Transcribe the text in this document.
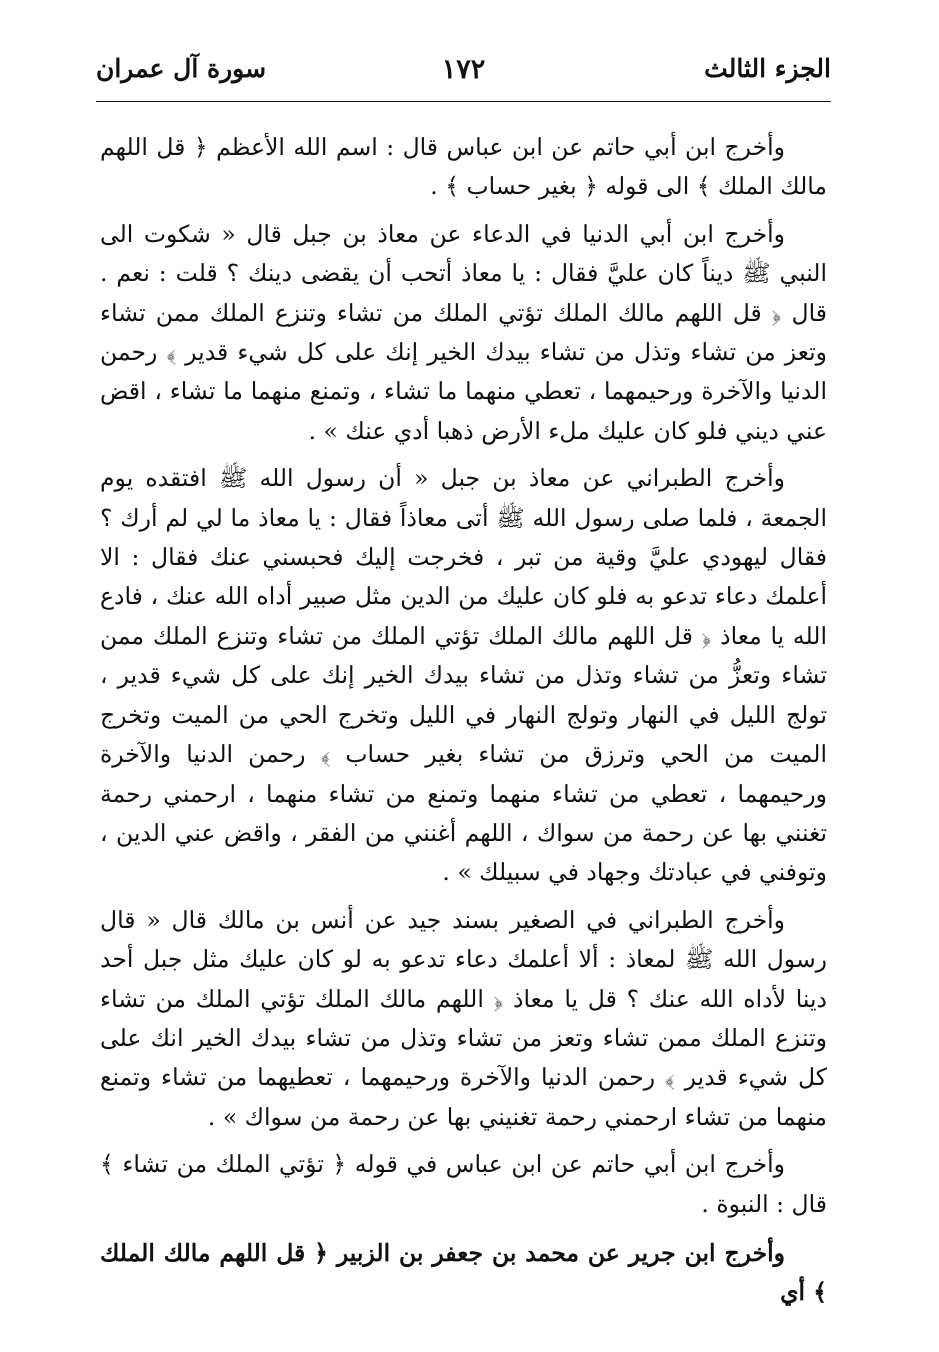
الجزء الثالث
١٧٢
سورة آل عمران

وأخرج ابن أبي حاتم عن ابن عباس قال : اسم الله الأعظم ﴿ قل اللهم مالك الملك ﴾ الى قوله ﴿ بغير حساب ﴾ .

وأخرج ابن أبي الدنيا في الدعاء عن معاذ بن جبل قال « شكوت الى النبي ﷺ ديناً كان عليَّ فقال : يا معاذ أتحب أن يقضى دينك ؟ قلت : نعم . قال ﴿ قل اللهم مالك الملك تؤتي الملك من تشاء وتنزع الملك ممن تشاء وتعز من تشاء وتذل من تشاء بيدك الخير إنك على كل شيء قدير ﴾ رحمن الدنيا والآخرة ورحيمهما ، تعطي منهما ما تشاء ، وتمنع منهما ما تشاء ، اقض عني ديني فلو كان عليك ملء الأرض ذهبا أدي عنك » .

وأخرج الطبراني عن معاذ بن جبل « أن رسول الله ﷺ افتقده يوم الجمعة ، فلما صلى رسول الله ﷺ أتى معاذاً فقال : يا معاذ ما لي لم أرك ؟ فقال ليهودي عليَّ وقية من تبر ، فخرجت إليك فحبسني عنك فقال : الا أعلمك دعاء تدعو به فلو كان عليك من الدين مثل صبير أداه الله عنك ، فادع الله يا معاذ ﴿ قل اللهم مالك الملك تؤتي الملك من تشاء وتنزع الملك ممن تشاء وتعزُّ من تشاء وتذل من تشاء بيدك الخير إنك على كل شيء قدير ، تولج الليل في النهار وتولج النهار في الليل وتخرج الحي من الميت وتخرج الميت من الحي وترزق من تشاء بغير حساب ﴾ رحمن الدنيا والآخرة ورحيمهما ، تعطي من تشاء منهما وتمنع من تشاء منهما ، ارحمني رحمة تغنني بها عن رحمة من سواك ، اللهم أغنني من الفقر ، واقض عني الدين ، وتوفني في عبادتك وجهاد في سبيلك » .

وأخرج الطبراني في الصغير بسند جيد عن أنس بن مالك قال « قال رسول الله ﷺ لمعاذ : ألا أعلمك دعاء تدعو به لو كان عليك مثل جبل أحد دينا لأداه الله عنك ؟ قل يا معاذ ﴿ اللهم مالك الملك تؤتي الملك من تشاء وتنزع الملك ممن تشاء وتعز من تشاء وتذل من تشاء بيدك الخير انك على كل شيء قدير ﴾ رحمن الدنيا والآخرة ورحيمهما ، تعطيهما من تشاء وتمنع منهما من تشاء ارحمني رحمة تغنيني بها عن رحمة من سواك » .

وأخرج ابن أبي حاتم عن ابن عباس في قوله ﴿ تؤتي الملك من تشاء ﴾ قال : النبوة .

وأخرج ابن جرير عن محمد بن جعفر بن الزبير ﴿ قل اللهم مالك الملك ﴾ أي
